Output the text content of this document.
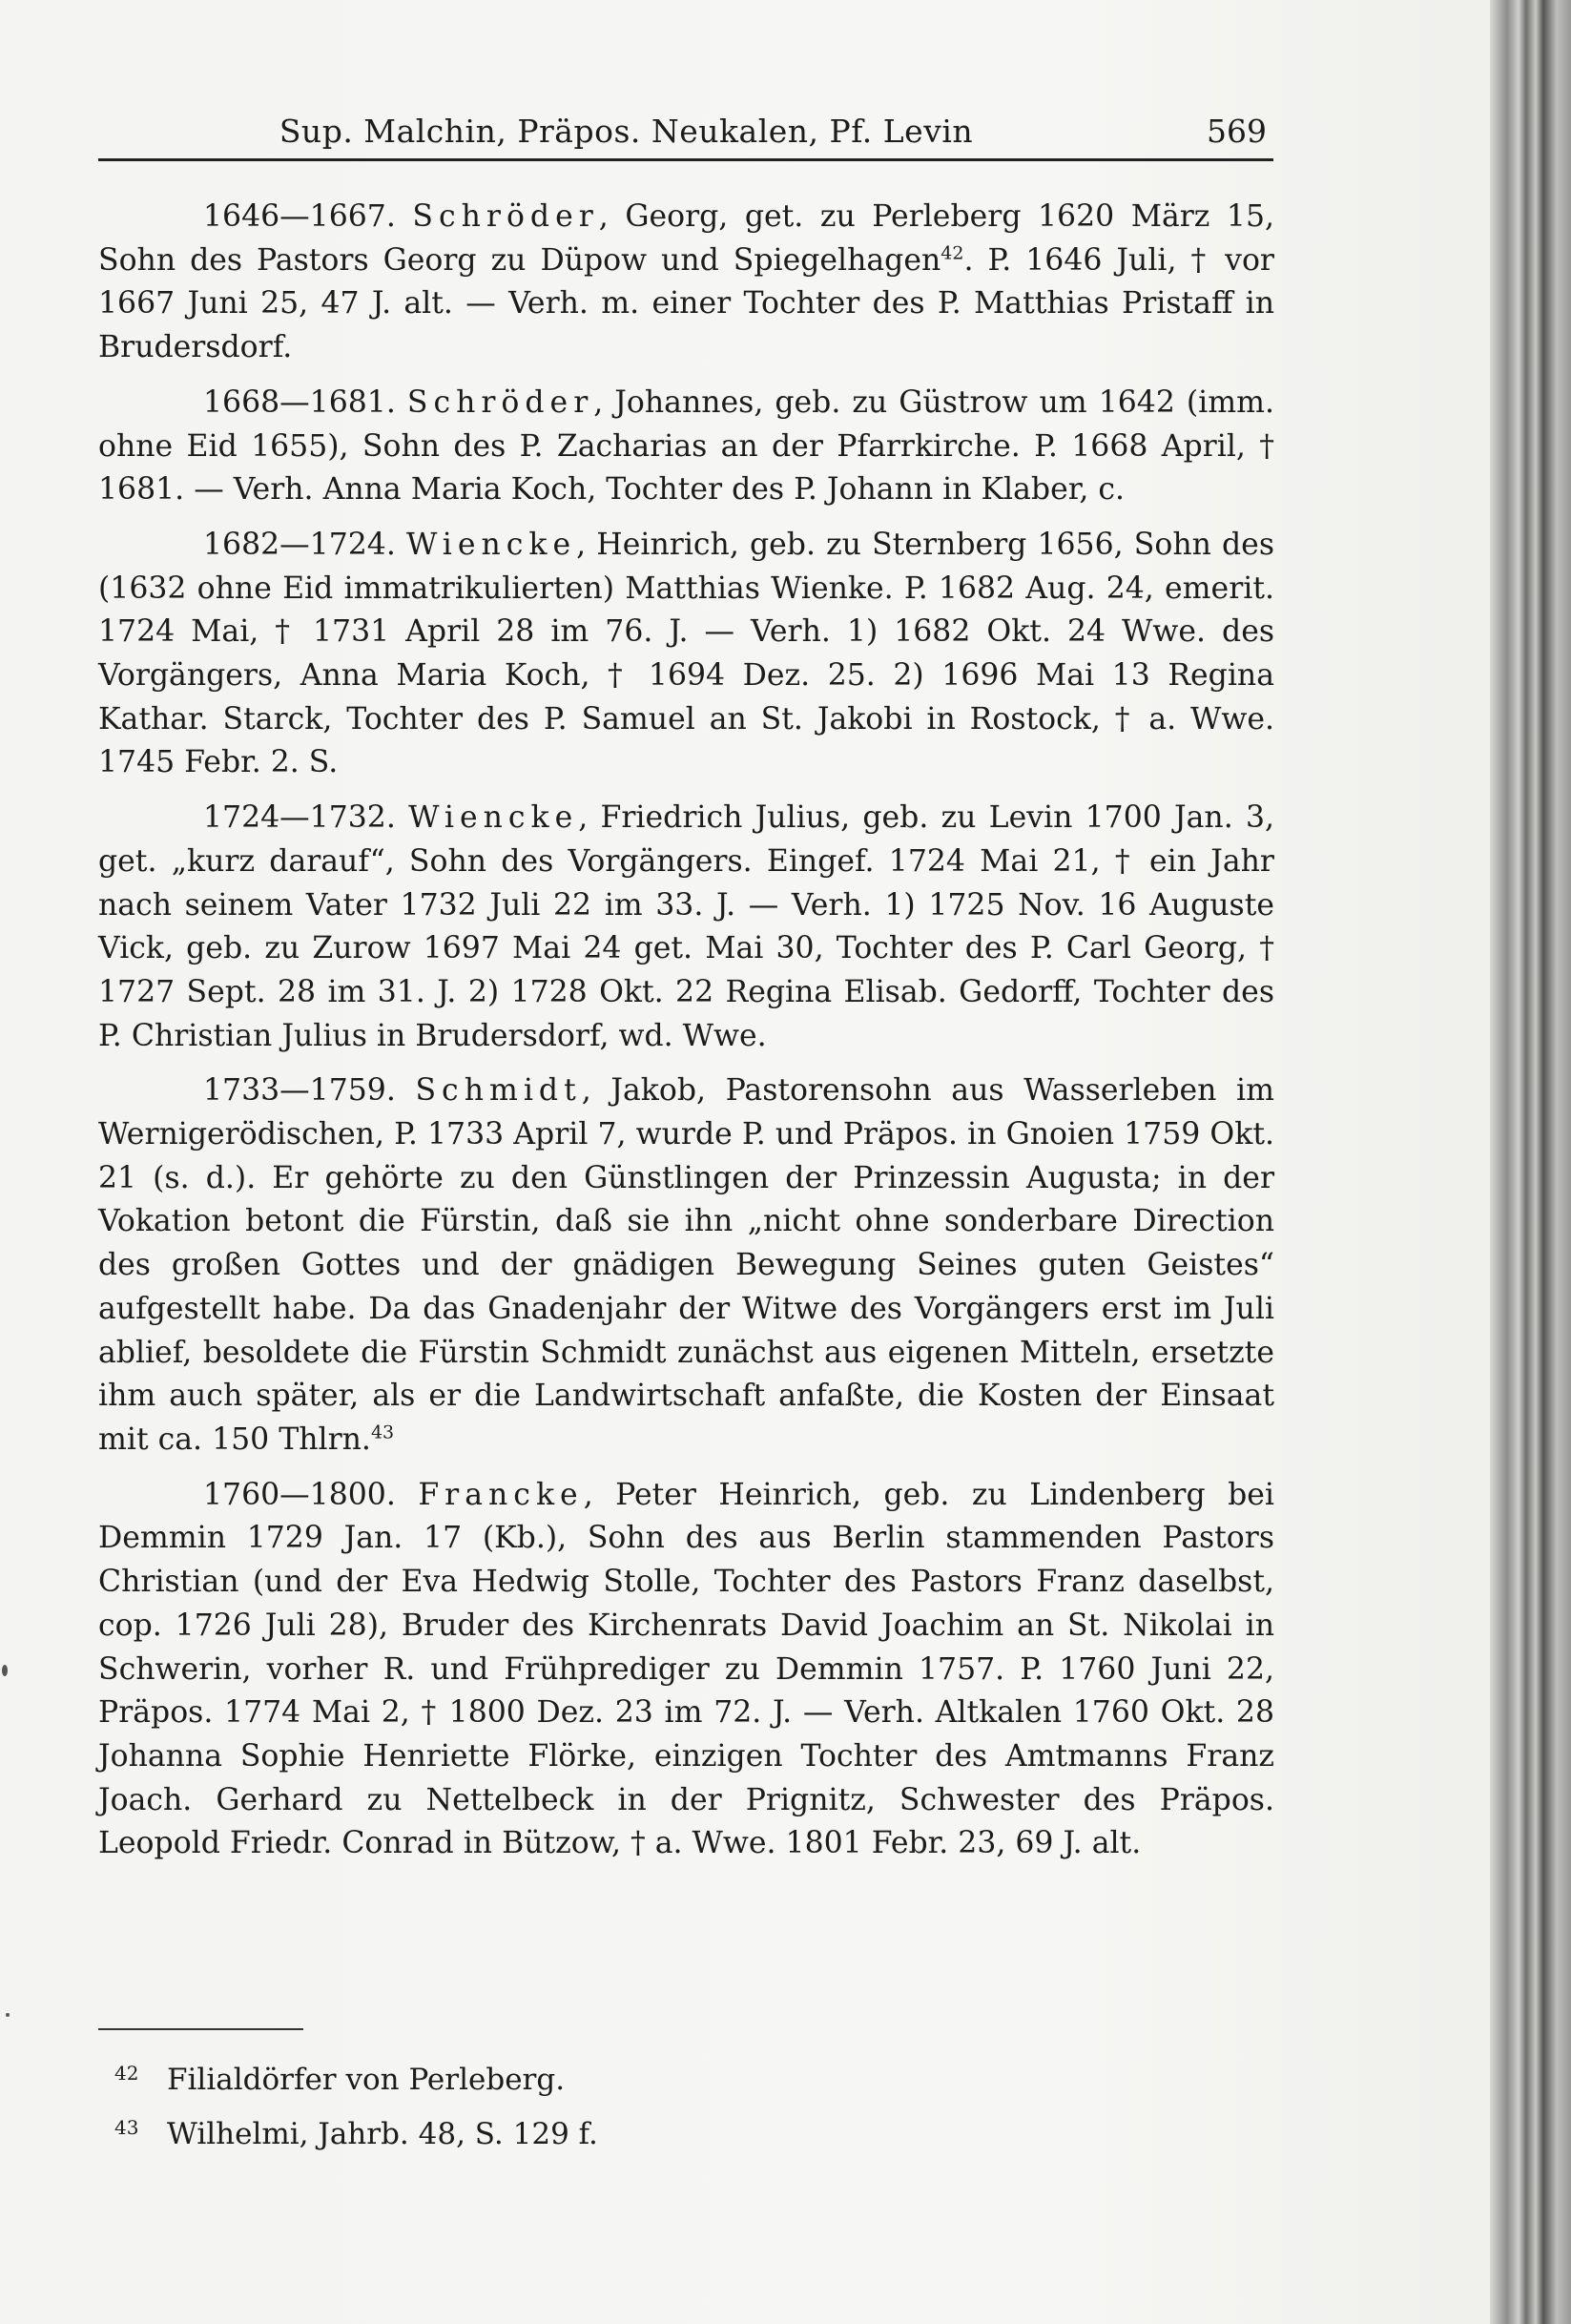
Sup. Malchin, Präpos. Neukalen, Pf. Levin	569

1646—1667. Schröder, Georg, get. zu Perleberg 1620 März 15, Sohn des Pastors Georg zu Düpow und Spiegelhagen$^{42}$. P. 1646 Juli, † vor 1667 Juni 25, 47 J. alt. — Verh. m. einer Tochter des P. Matthias Pristaff in Brudersdorf.

1668—1681. Schröder, Johannes, geb. zu Güstrow um 1642 (imm. ohne Eid 1655), Sohn des P. Zacharias an der Pfarrkirche. P. 1668 April, † 1681. — Verh. Anna Maria Koch, Tochter des P. Johann in Klaber, c.

1682—1724. Wiencke, Heinrich, geb. zu Sternberg 1656, Sohn des (1632 ohne Eid immatrikulierten) Matthias Wienke. P. 1682 Aug. 24, emerit. 1724 Mai, † 1731 April 28 im 76. J. — Verh. 1) 1682 Okt. 24 Wwe. des Vorgängers, Anna Maria Koch, † 1694 Dez. 25. 2) 1696 Mai 13 Regina Kathar. Starck, Tochter des P. Samuel an St. Jakobi in Rostock, † a. Wwe. 1745 Febr. 2. S.

1724—1732. Wiencke, Friedrich Julius, geb. zu Levin 1700 Jan. 3, get. „kurz darauf“, Sohn des Vorgängers. Eingef. 1724 Mai 21, † ein Jahr nach seinem Vater 1732 Juli 22 im 33. J. — Verh. 1) 1725 Nov. 16 Auguste Vick, geb. zu Zurow 1697 Mai 24 get. Mai 30, Tochter des P. Carl Georg, † 1727 Sept. 28 im 31. J. 2) 1728 Okt. 22 Regina Elisab. Gedorff, Tochter des P. Christian Julius in Brudersdorf, wd. Wwe.

1733—1759. Schmidt, Jakob, Pastorensohn aus Wasserleben im Wernigerödischen, P. 1733 April 7, wurde P. und Präpos. in Gnoien 1759 Okt. 21 (s. d.). Er gehörte zu den Günstlingen der Prinzessin Augusta; in der Vokation betont die Fürstin, daß sie ihn „nicht ohne sonderbare Direction des großen Gottes und der gnädigen Bewegung Seines guten Geistes“ aufgestellt habe. Da das Gnadenjahr der Witwe des Vorgängers erst im Juli ablief, besoldete die Fürstin Schmidt zunächst aus eigenen Mitteln, ersetzte ihm auch später, als er die Landwirtschaft anfaßte, die Kosten der Einsaat mit ca. 150 Thlrn.$^{43}$

1760—1800. Francke, Peter Heinrich, geb. zu Lindenberg bei Demmin 1729 Jan. 17 (Kb.), Sohn des aus Berlin stammenden Pastors Christian (und der Eva Hedwig Stolle, Tochter des Pastors Franz daselbst, cop. 1726 Juli 28), Bruder des Kirchenrats David Joachim an St. Nikolai in Schwerin, vorher R. und Frühprediger zu Demmin 1757. P. 1760 Juni 22, Präpos. 1774 Mai 2, † 1800 Dez. 23 im 72. J. — Verh. Altkalen 1760 Okt. 28 Johanna Sophie Henriette Flörke, einzigen Tochter des Amtmanns Franz Joach. Gerhard zu Nettelbeck in der Prignitz, Schwester des Präpos. Leopold Friedr. Conrad in Bützow, † a. Wwe. 1801 Febr. 23, 69 J. alt.

42 Filialdörfer von Perleberg.

43 Wilhelmi, Jahrb. 48, S. 129 f.
